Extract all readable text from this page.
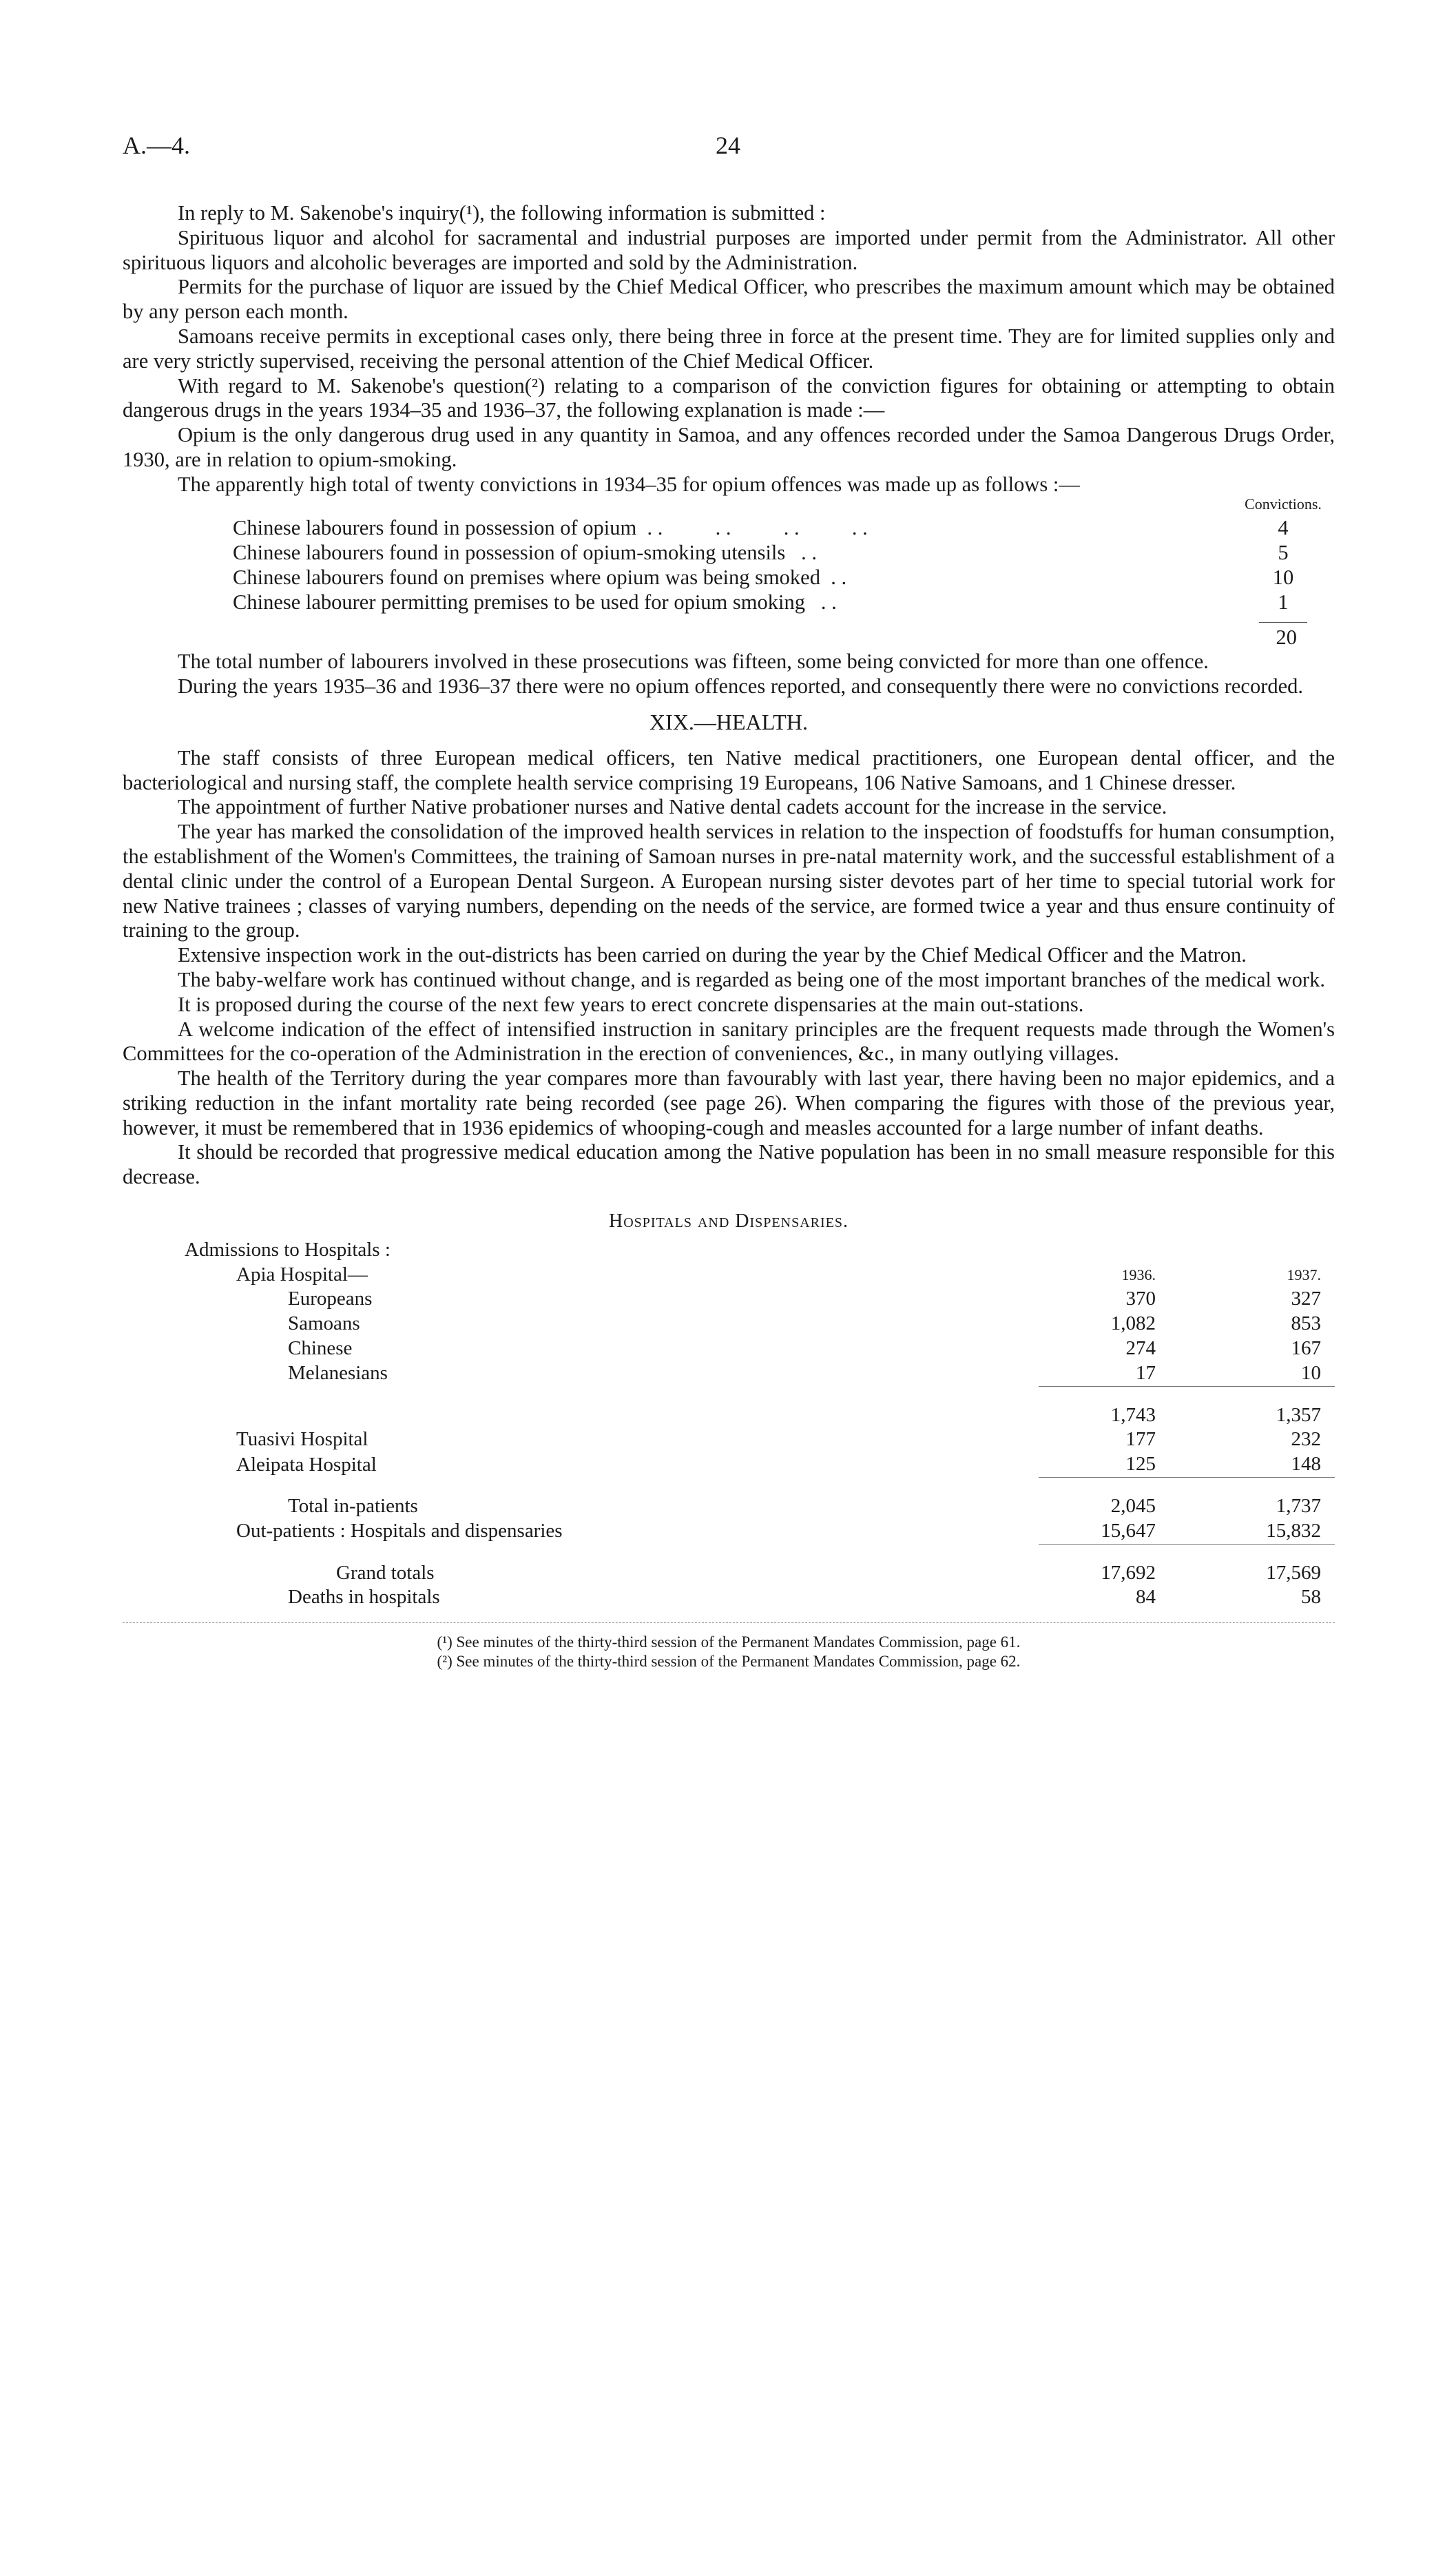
A.—4.	24

In reply to M. Sakenobe's inquiry(¹), the following information is submitted :

Spirituous liquor and alcohol for sacramental and industrial purposes are imported under permit from the Administrator. All other spirituous liquors and alcoholic beverages are imported and sold by the Administration.

Permits for the purchase of liquor are issued by the Chief Medical Officer, who prescribes the maximum amount which may be obtained by any person each month.

Samoans receive permits in exceptional cases only, there being three in force at the present time. They are for limited supplies only and are very strictly supervised, receiving the personal attention of the Chief Medical Officer.

With regard to M. Sakenobe's question(²) relating to a comparison of the conviction figures for obtaining or attempting to obtain dangerous drugs in the years 1934–35 and 1936–37, the following explanation is made :—

Opium is the only dangerous drug used in any quantity in Samoa, and any offences recorded under the Samoa Dangerous Drugs Order, 1930, are in relation to opium-smoking.

The apparently high total of twenty convictions in 1934–35 for opium offences was made up as follows :—

Convictions.
Chinese labourers found in possession of opium  . .          . .          . .          . .	4
Chinese labourers found in possession of opium-smoking utensils   . .	5
Chinese labourers found on premises where opium was being smoked  . .	10
Chinese labourer permitting premises to be used for opium smoking   . .	1
20

The total number of labourers involved in these prosecutions was fifteen, some being convicted for more than one offence.

During the years 1935–36 and 1936–37 there were no opium offences reported, and consequently there were no convictions recorded.

XIX.—HEALTH.

The staff consists of three European medical officers, ten Native medical practitioners, one European dental officer, and the bacteriological and nursing staff, the complete health service comprising 19 Europeans, 106 Native Samoans, and 1 Chinese dresser.

The appointment of further Native probationer nurses and Native dental cadets account for the increase in the service.

The year has marked the consolidation of the improved health services in relation to the inspection of foodstuffs for human consumption, the establishment of the Women's Committees, the training of Samoan nurses in pre-natal maternity work, and the successful establishment of a dental clinic under the control of a European Dental Surgeon. A European nursing sister devotes part of her time to special tutorial work for new Native trainees ; classes of varying numbers, depending on the needs of the service, are formed twice a year and thus ensure continuity of training to the group.

Extensive inspection work in the out-districts has been carried on during the year by the Chief Medical Officer and the Matron.

The baby-welfare work has continued without change, and is regarded as being one of the most important branches of the medical work.

It is proposed during the course of the next few years to erect concrete dispensaries at the main out-stations.

A welcome indication of the effect of intensified instruction in sanitary principles are the frequent requests made through the Women's Committees for the co-operation of the Administration in the erection of conveniences, &c., in many outlying villages.

The health of the Territory during the year compares more than favourably with last year, there having been no major epidemics, and a striking reduction in the infant mortality rate being recorded (see page 26). When comparing the figures with those of the previous year, however, it must be remembered that in 1936 epidemics of whooping-cough and measles accounted for a large number of infant deaths.

It should be recorded that progressive medical education among the Native population has been in no small measure responsible for this decrease.

Hospitals and Dispensaries.
Admissions to Hospitals :		
Apia Hospital—	1936.	1937.
Europeans	370	327
Samoans	1,082	853
Chinese	274	167
Melanesians	17	10

	1,743	1,357
Tuasivi Hospital	177	232
Aleipata Hospital	125	148

Total in-patients	2,045	1,737
Out-patients : Hospitals and dispensaries	15,647	15,832

Grand totals	17,692	17,569
Deaths in hospitals	84	58
(¹) See minutes of the thirty-third session of the Permanent Mandates Commission, page 61.
(²) See minutes of the thirty-third session of the Permanent Mandates Commission, page 62.
